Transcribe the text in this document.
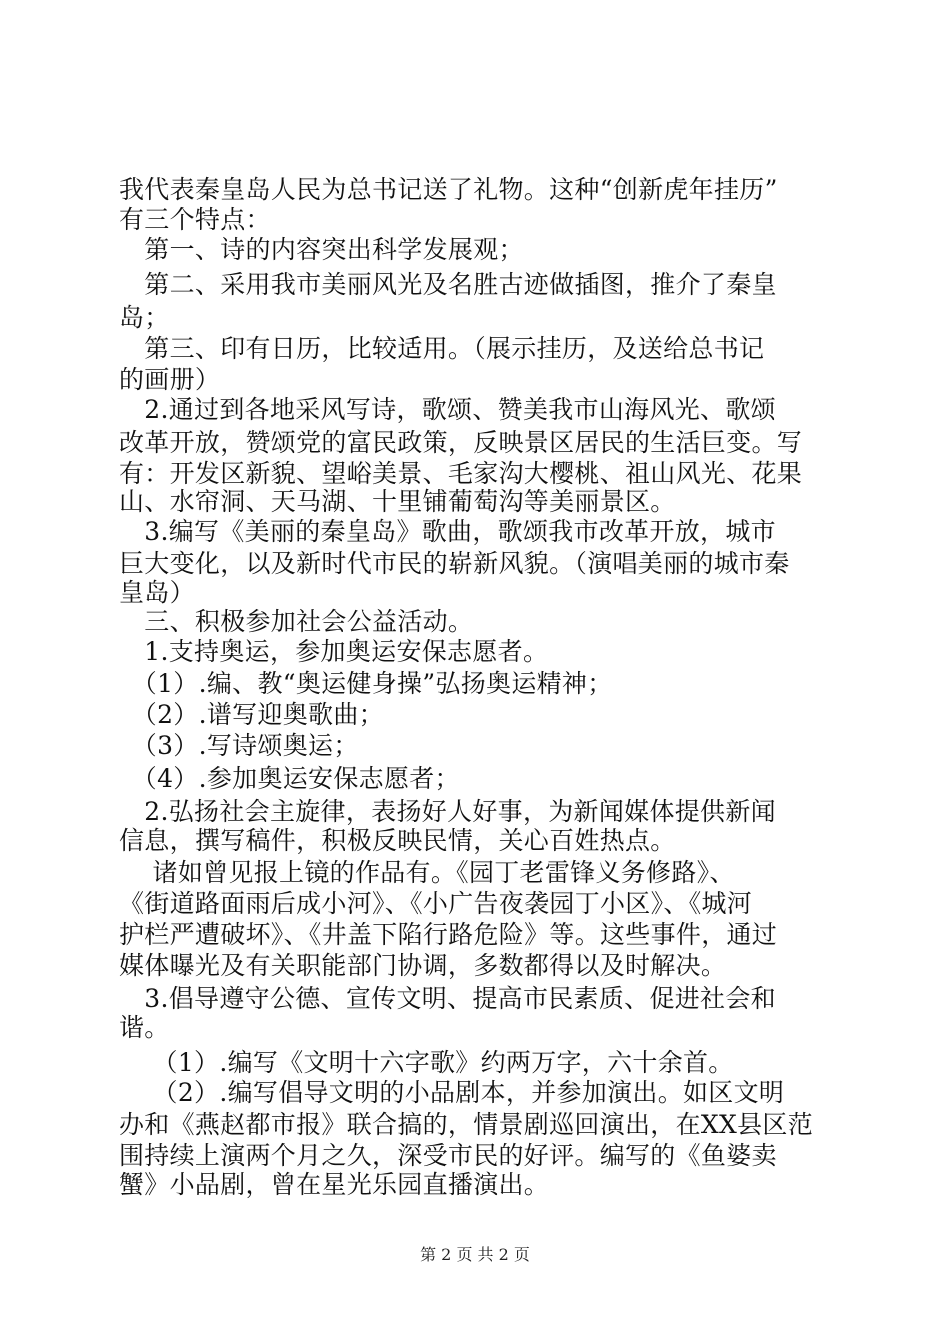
我代表秦皇岛人民为总书记送了礼物。这种“创新虎年挂历”
有三个特点：
　第一、诗的内容突出科学发展观；
　第二、采用我市美丽风光及名胜古迹做插图，推介了秦皇
岛；
　第三、印有日历，比较适用。（展示挂历，及送给总书记
的画册）
　2.通过到各地采风写诗，歌颂、赞美我市山海风光、歌颂
改革开放，赞颂党的富民政策，反映景区居民的生活巨变。写
有：开发区新貌、望峪美景、毛家沟大樱桃、祖山风光、花果
山、水帘洞、天马湖、十里铺葡萄沟等美丽景区。
　3.编写《美丽的秦皇岛》歌曲，歌颂我市改革开放，城市
巨大变化，以及新时代市民的崭新风貌。（演唱美丽的城市秦
皇岛）
　三、积极参加社会公益活动。
　1.支持奥运，参加奥运安保志愿者。
　（1）.编、教“奥运健身操”弘扬奥运精神；
　（2）.谱写迎奥歌曲；
　（3）.写诗颂奥运；
　（4）.参加奥运安保志愿者；
　2.弘扬社会主旋律，表扬好人好事，为新闻媒体提供新闻
信息，撰写稿件，积极反映民情，关心百姓热点。
　 诸如曾见报上镜的作品有。《园丁老雷锋义务修路》、
《街道路面雨后成小河》、《小广告夜袭园丁小区》、《城河
护栏严遭破坏》、《井盖下陷行路危险》等。这些事件，通过
媒体曝光及有关职能部门协调，多数都得以及时解决。
　3.倡导遵守公德、宣传文明、提高市民素质、促进社会和
谐。
　 （1）.编写《文明十六字歌》约两万字，六十余首。
　 （2）.编写倡导文明的小品剧本，并参加演出。如区文明
办和《燕赵都市报》联合搞的，情景剧巡回演出，在XX县区范
围持续上演两个月之久，深受市民的好评。编写的《鱼婆卖
蟹》小品剧，曾在星光乐园直播演出。
第 2 页 共 2 页
